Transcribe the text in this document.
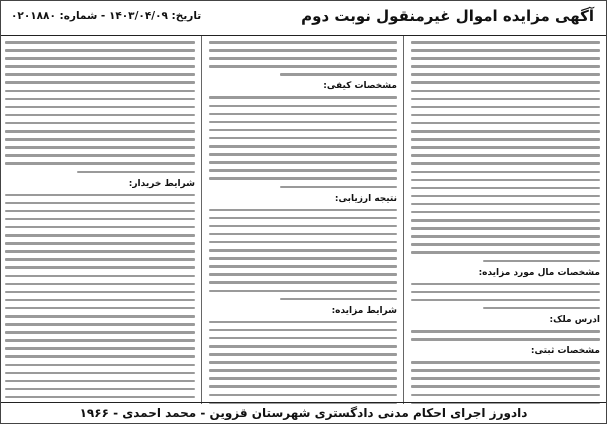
آگهی مزایده اموال غیرمنقول نوبت دوم
تاریخ: ۱۴۰۳/۰۴/۰۹ - شماره: ۰۲۰۱۸۸۰
مشخصات مال مورد مزایده:
آدرس ملک:
مشخصات ثبتی:
مشخصات کیفی:
نتیجه ارزیابی:
شرایط مزایده:
شرایط خریدار:
دادورز اجرای احکام مدنی دادگستری شهرستان قزوین - محمد احمدی - ۱۹۶۶
